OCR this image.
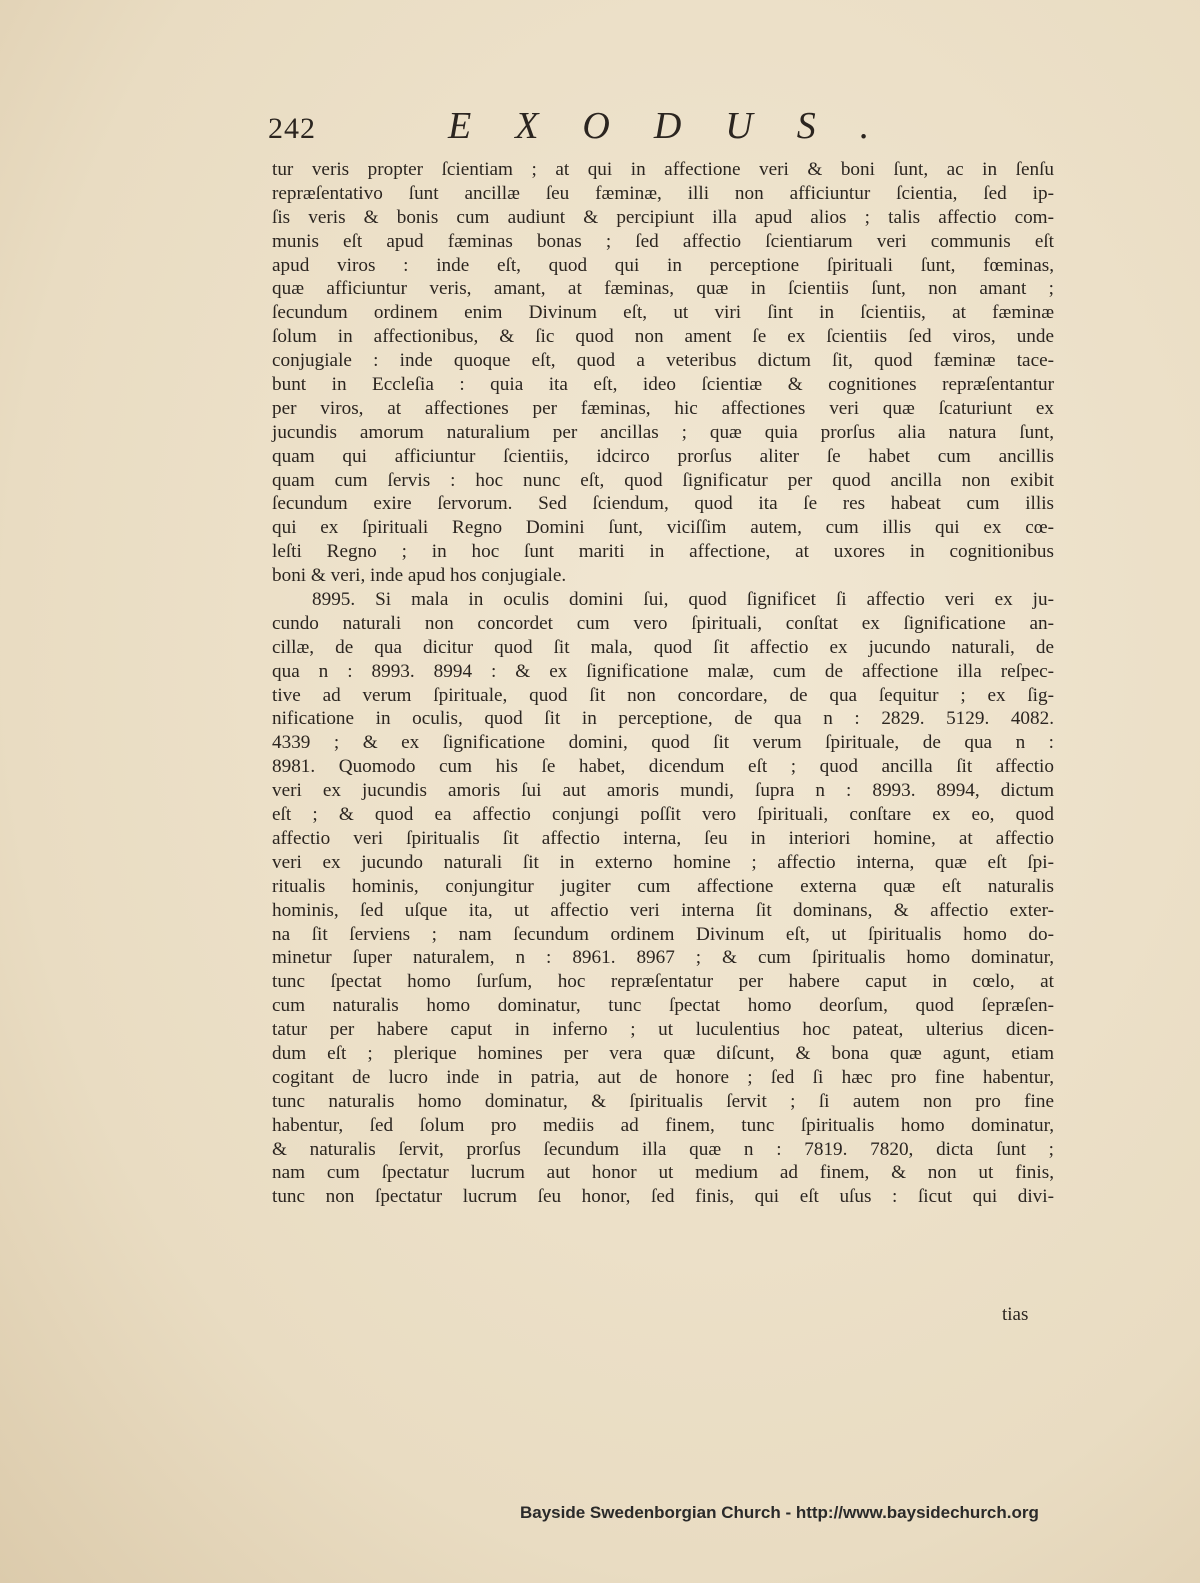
242	EXODUS.
tur veris propter ſcientiam ; at qui in affectione veri & boni ſunt, ac in ſenſu
repræſentativo ſunt ancillæ ſeu fæminæ, illi non afficiuntur ſcientia, ſed ip-
ſis veris & bonis cum audiunt & percipiunt illa apud alios ; talis affectio com-
munis eſt apud fæminas bonas ; ſed affectio ſcientiarum veri communis eſt
apud viros : inde eſt, quod qui in perceptione ſpirituali ſunt, fœminas,
quæ afficiuntur veris, amant, at fæminas, quæ in ſcientiis ſunt, non amant ;
ſecundum ordinem enim Divinum eſt, ut viri ſint in ſcientiis, at fæminæ
ſolum in affectionibus, & ſic quod non ament ſe ex ſcientiis ſed viros, unde
conjugiale : inde quoque eſt, quod a veteribus dictum ſit, quod fæminæ tace-
bunt in Eccleſia : quia ita eſt, ideo ſcientiæ & cognitiones repræſentantur
per viros, at affectiones per fæminas, hic affectiones veri quæ ſcaturiunt ex
jucundis amorum naturalium per ancillas ; quæ quia prorſus alia natura ſunt,
quam qui afficiuntur ſcientiis, idcirco prorſus aliter ſe habet cum ancillis
quam cum ſervis : hoc nunc eſt, quod ſignificatur per quod ancilla non exibit
ſecundum exire ſervorum. Sed ſciendum, quod ita ſe res habeat cum illis
qui ex ſpirituali Regno Domini ſunt, viciſſim autem, cum illis qui ex cœ-
leſti Regno ; in hoc ſunt mariti in affectione, at uxores in cognitionibus
boni & veri, inde apud hos conjugiale.
8995. Si mala in oculis domini ſui, quod ſignificet ſi affectio veri ex ju-
cundo naturali non concordet cum vero ſpirituali, conſtat ex ſignificatione an-
cillæ, de qua dicitur quod ſit mala, quod ſit affectio ex jucundo naturali, de
qua n : 8993. 8994 : & ex ſignificatione malæ, cum de affectione illa reſpec-
tive ad verum ſpirituale, quod ſit non concordare, de qua ſequitur ; ex ſig-
nificatione in oculis, quod ſit in perceptione, de qua n : 2829. 5129. 4082.
4339 ; & ex ſignificatione domini, quod ſit verum ſpirituale, de qua n :
8981. Quomodo cum his ſe habet, dicendum eſt ; quod ancilla ſit affectio
veri ex jucundis amoris ſui aut amoris mundi, ſupra n : 8993. 8994, dictum
eſt ; & quod ea affectio conjungi poſſit vero ſpirituali, conſtare ex eo, quod
affectio veri ſpiritualis ſit affectio interna, ſeu in interiori homine, at affectio
veri ex jucundo naturali ſit in externo homine ; affectio interna, quæ eſt ſpi-
ritualis hominis, conjungitur jugiter cum affectione externa quæ eſt naturalis
hominis, ſed uſque ita, ut affectio veri interna ſit dominans, & affectio exter-
na ſit ſerviens ; nam ſecundum ordinem Divinum eſt, ut ſpiritualis homo do-
minetur ſuper naturalem, n : 8961. 8967 ; & cum ſpiritualis homo dominatur,
tunc ſpectat homo ſurſum, hoc repræſentatur per habere caput in cœlo, at
cum naturalis homo dominatur, tunc ſpectat homo deorſum, quod ſepræſen-
tatur per habere caput in inferno ; ut luculentius hoc pateat, ulterius dicen-
dum eſt ; plerique homines per vera quæ diſcunt, & bona quæ agunt, etiam
cogitant de lucro inde in patria, aut de honore ; ſed ſi hæc pro fine habentur,
tunc naturalis homo dominatur, & ſpiritualis ſervit ; ſi autem non pro fine
habentur, ſed ſolum pro mediis ad finem, tunc ſpiritualis homo dominatur,
& naturalis ſervit, prorſus ſecundum illa quæ n : 7819. 7820, dicta ſunt ;
nam cum ſpectatur lucrum aut honor ut medium ad finem, & non ut finis,
tunc non ſpectatur lucrum ſeu honor, ſed finis, qui eſt uſus : ſicut qui divi-
tias
Bayside Swedenborgian Church - http://www.baysidechurch.org
